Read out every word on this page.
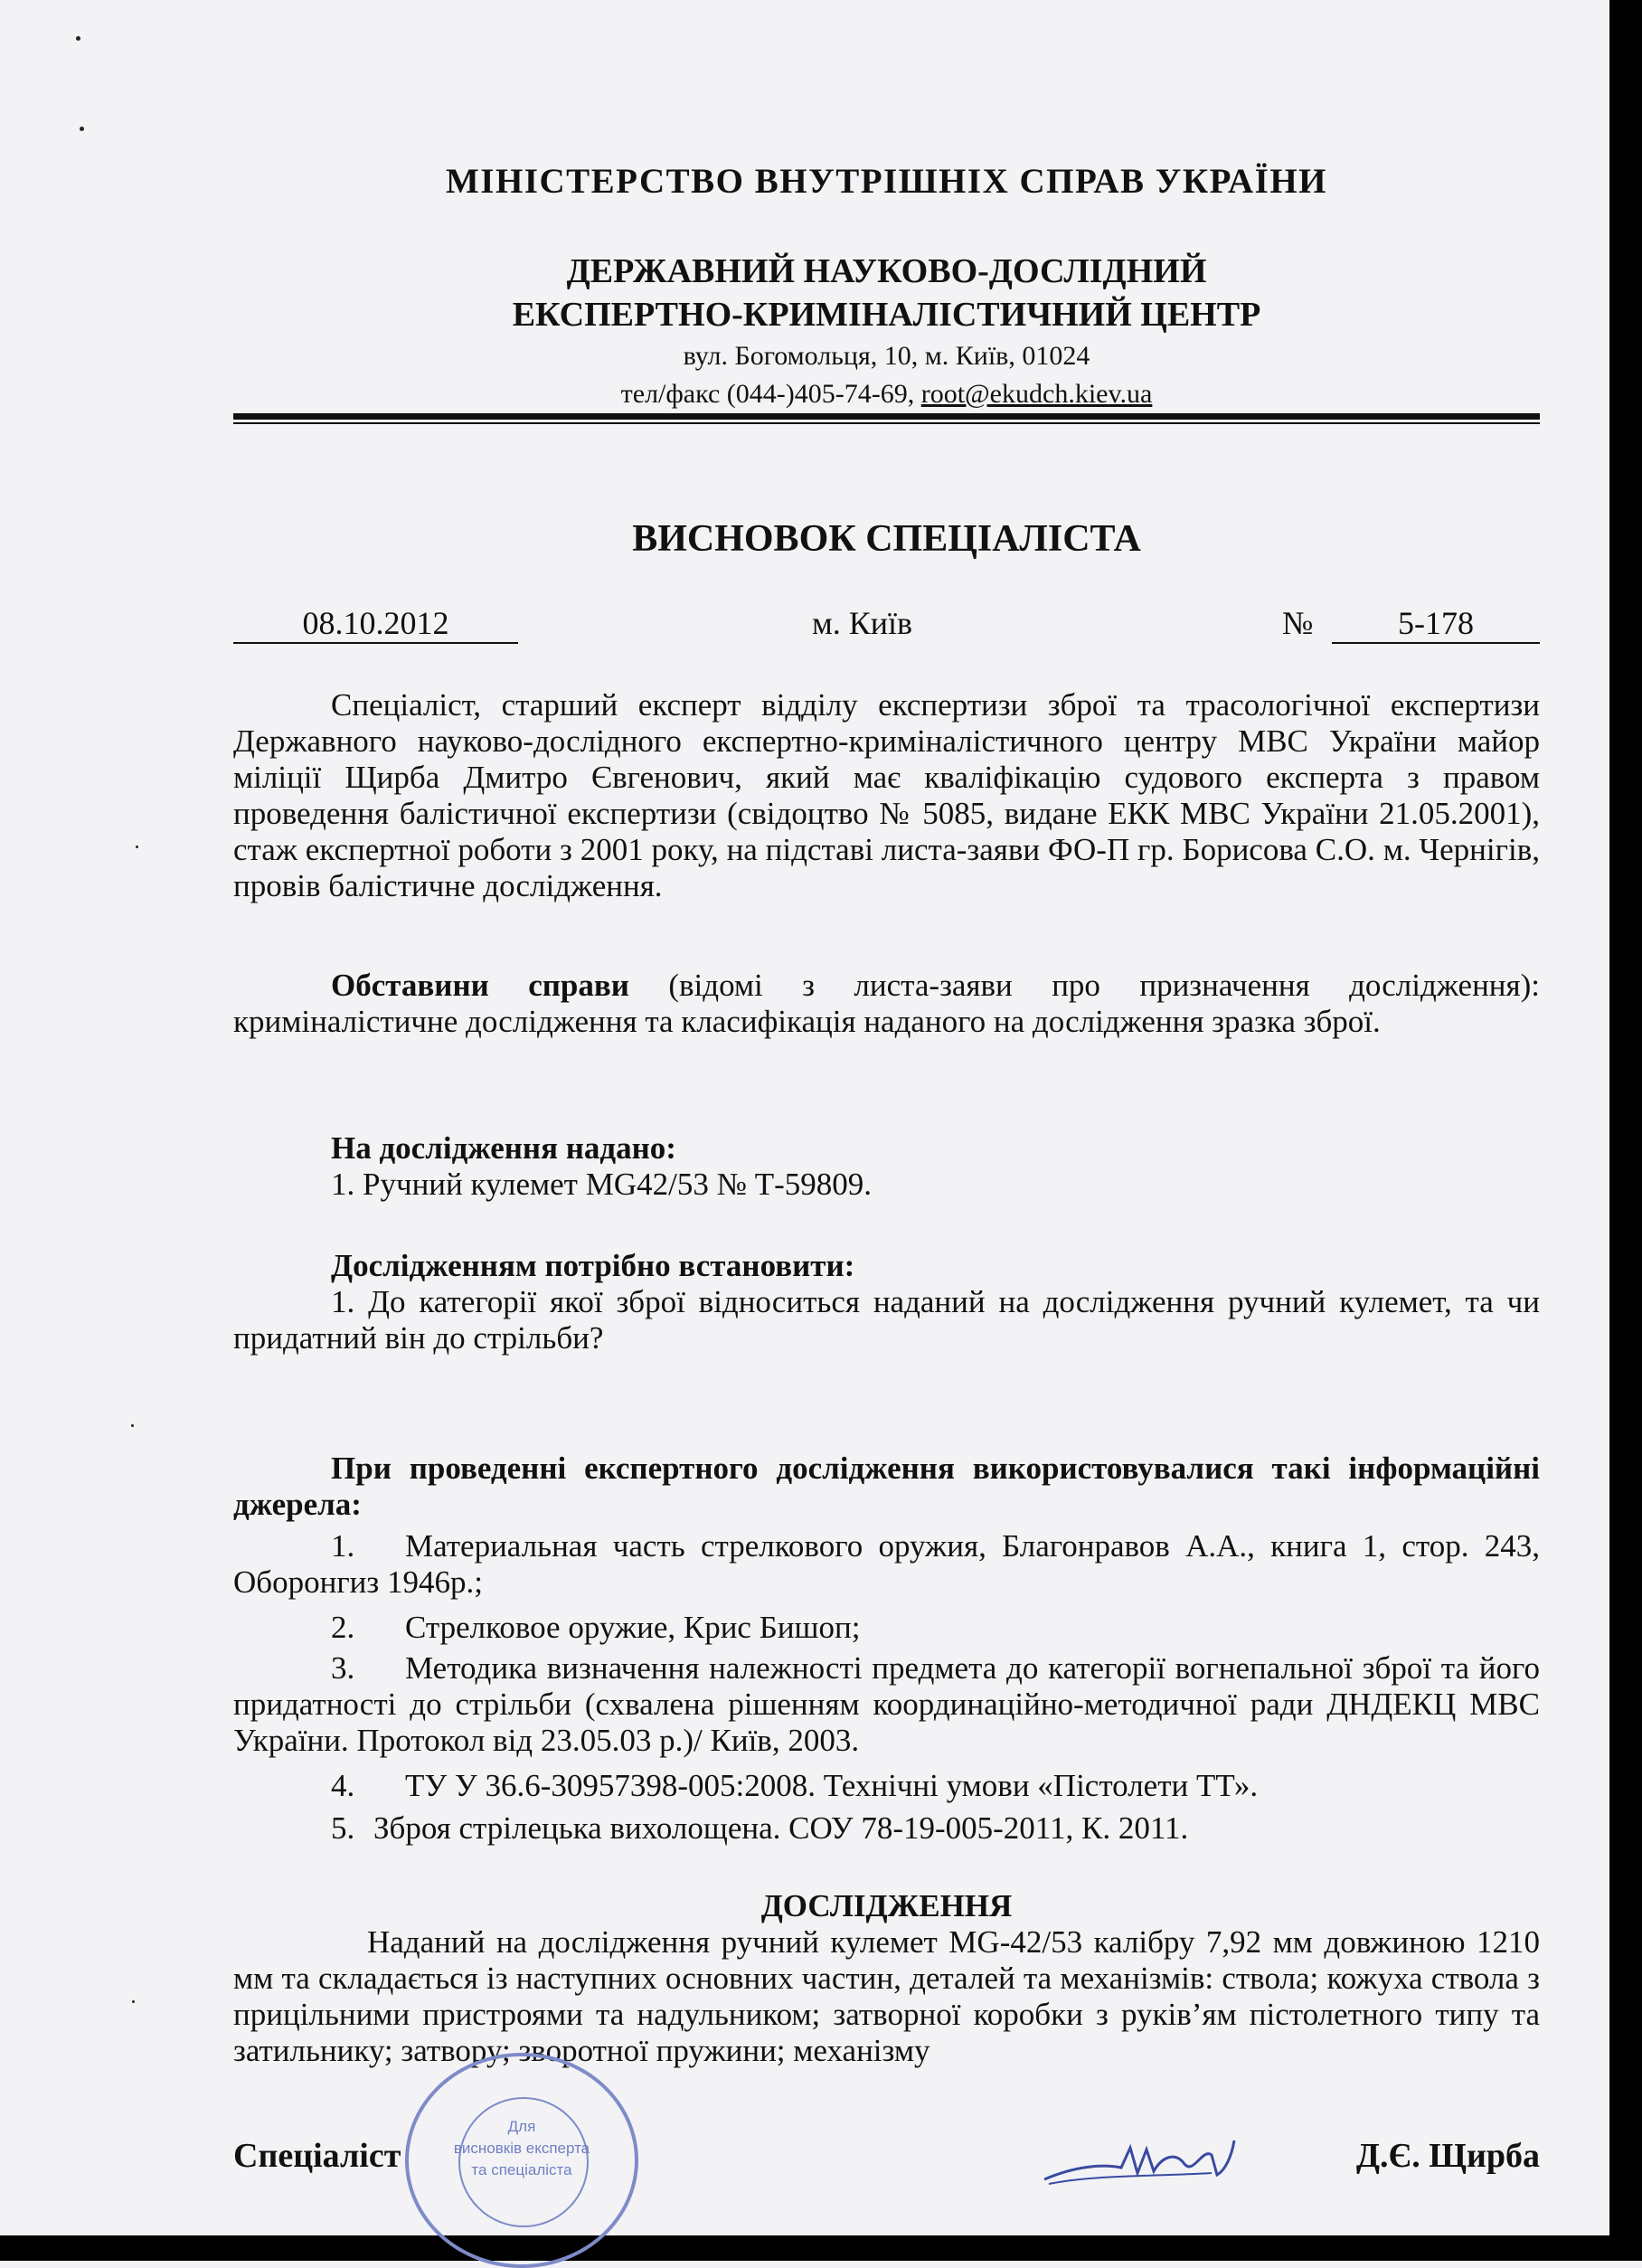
МІНІСТЕРСТВО ВНУТРІШНІХ СПРАВ УКРАЇНИ
ДЕРЖАВНИЙ НАУКОВО-ДОСЛІДНИЙ
ЕКСПЕРТНО-КРИМІНАЛІСТИЧНИЙ ЦЕНТР
вул. Богомольця, 10, м. Київ, 01024
тел/факс (044-)405-74-69, root@ekudch.kiev.ua
ВИСНОВОК СПЕЦІАЛІСТА
08.10.2012	м. Київ	№	5-178
Спеціаліст, старший експерт відділу експертизи зброї та трасологічної експертизи Державного науково-дослідного експертно-криміналістичного центру МВС України майор міліції Щирба Дмитро Євгенович, який має кваліфікацію судового експерта з правом проведення балістичної експертизи (свідоцтво № 5085, видане ЕКК МВС України 21.05.2001), стаж експертної роботи з 2001 року, на підставі листа-заяви ФО-П гр. Борисова С.О. м. Чернігів, провів балістичне дослідження.
Обставини справи (відомі з листа-заяви про призначення дослідження): криміналістичне дослідження та класифікація наданого на дослідження зразка зброї.
На дослідження надано:
1. Ручний кулемет MG42/53 № Т-59809.
Дослідженням потрібно встановити:
1. До категорії якої зброї відноситься наданий на дослідження ручний кулемет, та чи придатний він до стрільби?
При проведенні експертного дослідження використовувалися такі інформаційні джерела:
1. Материальная часть стрелкового оружия, Благонравов А.А., книга 1, стор. 243, Оборонгиз 1946р.;
2. Стрелковое оружие, Крис Бишоп;
3. Методика визначення належності предмета до категорії вогнепальної зброї та його придатності до стрільби (схвалена рішенням координаційно-методичної ради ДНДЕКЦ МВС України. Протокол від 23.05.03 р.)/ Київ, 2003.
4. ТУ У 36.6-30957398-005:2008. Технічні умови «Пістолети ТТ».
5. Зброя стрілецька вихолощена. СОУ 78-19-005-2011, К. 2011.
ДОСЛІДЖЕННЯ
Наданий на дослідження ручний кулемет MG-42/53 калібру 7,92 мм довжиною 1210 мм та складається із наступних основних частин, деталей та механізмів: ствола; кожуха ствола з прицільними пристроями та надульником; затворної коробки з руків’ям пістолетного типу та затильнику; затвору; зворотної пружини; механізму
Спеціаліст	Д.Є. Щирба
Для
висновків експерта
та спеціаліста
